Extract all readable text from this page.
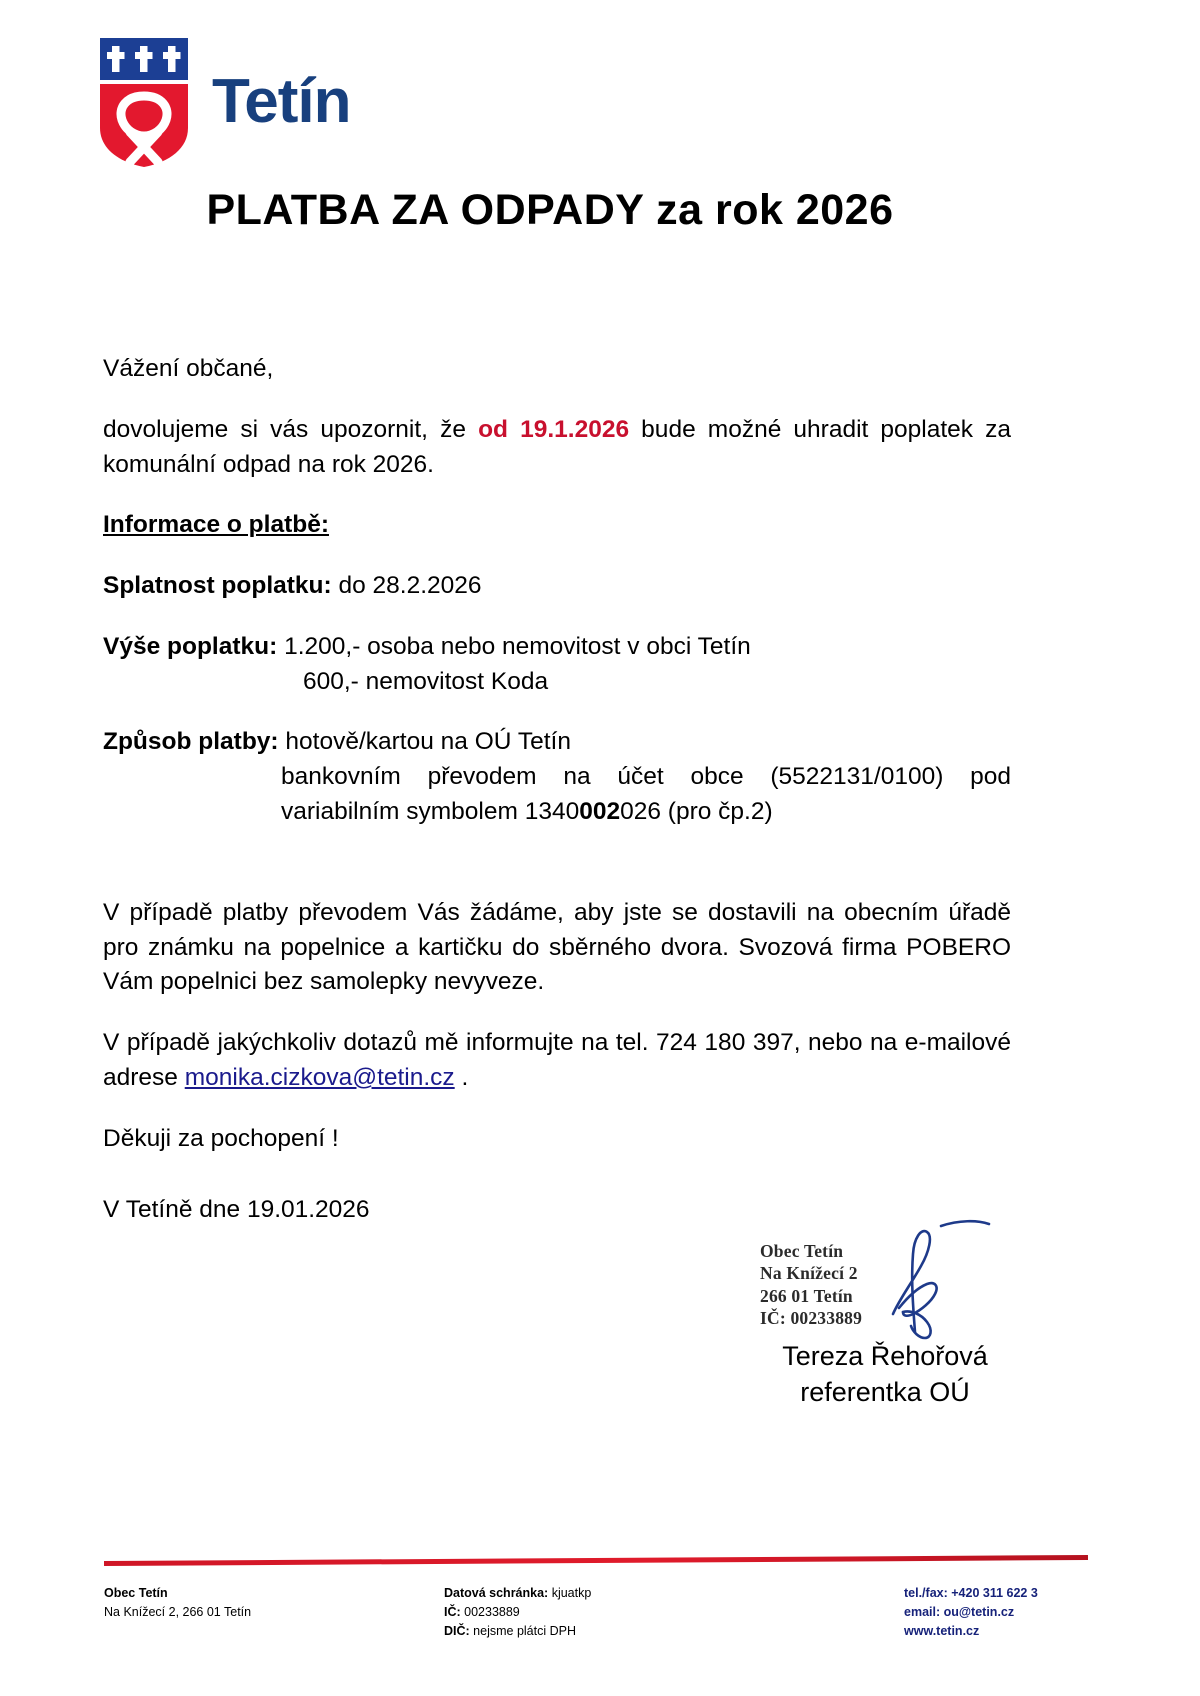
Tetín
PLATBA ZA ODPADY za rok 2026

Vážení občané,

dovolujeme si vás upozornit, že od 19.1.2026 bude možné uhradit poplatek za komunální odpad na rok 2026.

Informace o platbě:

Splatnost poplatku: do 28.2.2026

Výše poplatku: 1.200,- osoba nebo nemovitost v obci Tetín
600,- nemovitost Koda

Způsob platby: hotově/kartou na OÚ Tetín
bankovním převodem na účet obce (5522131/0100) pod variabilním symbolem 1340002026 (pro čp.2)

V případě platby převodem Vás žádáme, aby jste se dostavili na obecním úřadě pro známku na popelnice a kartičku do sběrného dvora. Svozová firma POBERO Vám popelnici bez samolepky nevyveze.

V případě jakýchkoliv dotazů mě informujte na tel. 724 180 397, nebo na e-mailové adrese monika.cizkova@tetin.cz .

Děkuji za pochopení !

V Tetíně dne 19.01.2026
Obec Tetín
Na Knížecí 2
266 01 Tetín
IČ: 00233889
Tereza Řehořová
referentka OÚ
Obec Tetín
Na Knížecí 2, 266 01 Tetín
Datová schránka: kjuatkp
IČ: 00233889
DIČ: nejsme plátci DPH
tel./fax: +420 311 622 3
email: ou@tetin.cz
www.tetin.cz
